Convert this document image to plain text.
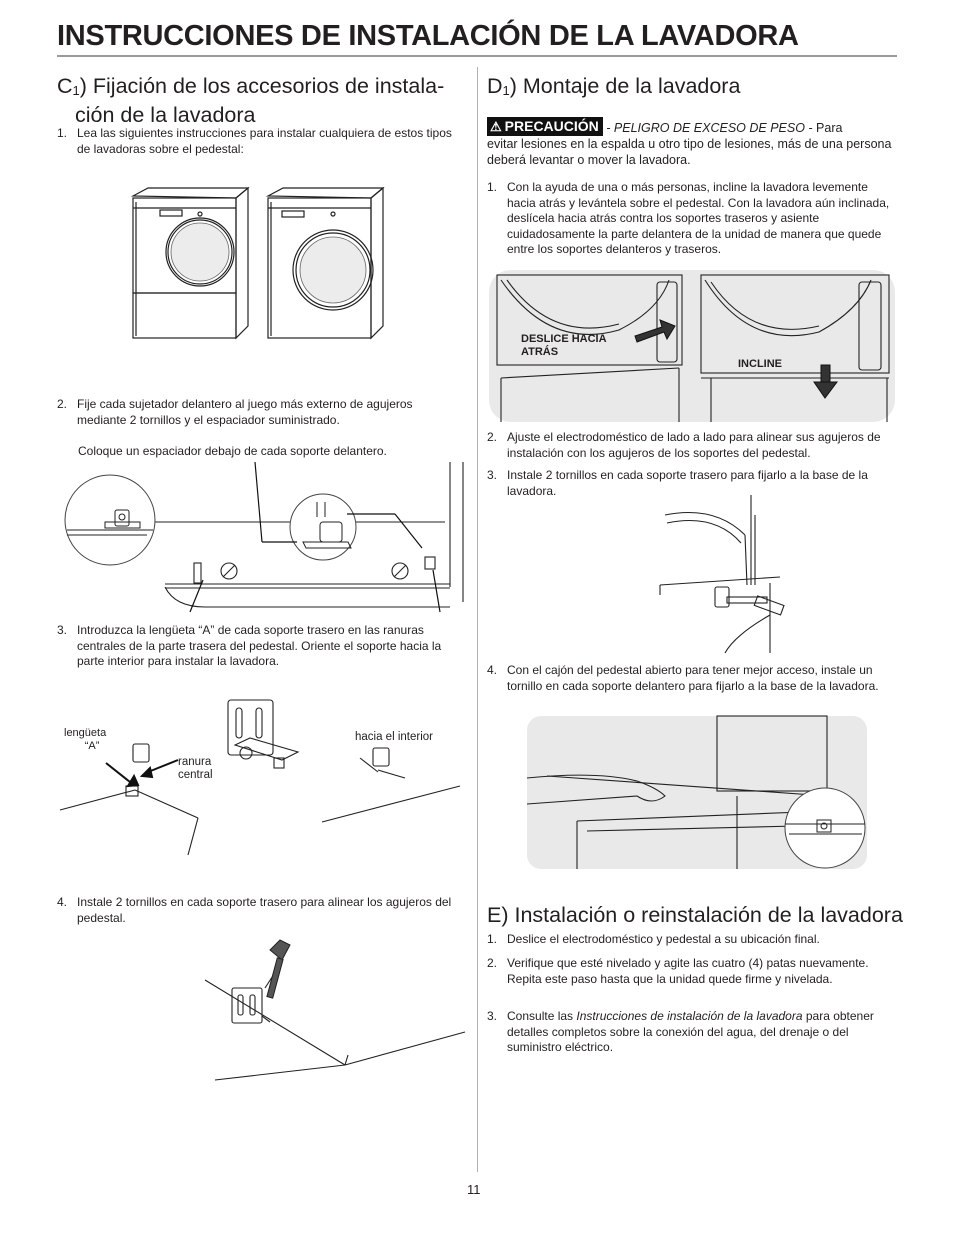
INSTRUCCIONES DE INSTALACIÓN DE LA LAVADORA
$C_1$) Fijación de los accesorios de instala-
ción de la lavadora
1. Lea las siguientes instrucciones para instalar cualquiera de estos tipos de lavadoras sobre el pedestal:
2. Fije cada sujetador delantero al juego más externo de agujeros mediante 2 tornillos y el espaciador suministrado.
Coloque un espaciador debajo de cada soporte delantero.
3. Introduzca la lengüeta “A” de cada soporte trasero en las ranuras centrales de la parte trasera del pedestal. Oriente el soporte hacia la parte interior para instalar la lavadora.
lengüeta
“A”
ranura
central
hacia el interior
4. Instale 2 tornillos en cada soporte trasero para alinear los agujeros del pedestal.
$D_1$) Montaje de la lavadora
⚠ PRECAUCIÓN - PELIGRO DE EXCESO DE PESO - Para
evitar lesiones en la espalda u otro tipo de lesiones, más de una persona deberá levantar o mover la lavadora.
1. Con la ayuda de una o más personas, incline la lavadora levemente hacia atrás y levántela sobre el pedestal. Con la lavadora aún inclinada, deslícela hacia atrás contra los soportes traseros y asiente cuidadosamente la parte delantera de la unidad de manera que quede entre los soportes delanteros y traseros.
DESLICE HACIA
ATRÁS
INCLINE
2. Ajuste el electrodoméstico de lado a lado para alinear sus agujeros de instalación con los agujeros de los soportes del pedestal.
3. Instale 2 tornillos en cada soporte trasero para fijarlo a la base de la lavadora.
4. Con el cajón del pedestal abierto para tener mejor acceso, instale un tornillo en cada soporte delantero para fijarlo a la base de la lavadora.
E) Instalación o reinstalación de la lavadora
1. Deslice el electrodoméstico y pedestal a su ubicación final.
2. Verifique que esté nivelado y agite las cuatro (4) patas nuevamente. Repita este paso hasta que la unidad quede firme y nivelada.
3. Consulte las Instrucciones de instalación de la lavadora para obtener detalles completos sobre la conexión del agua, del drenaje o del suministro eléctrico.
11
